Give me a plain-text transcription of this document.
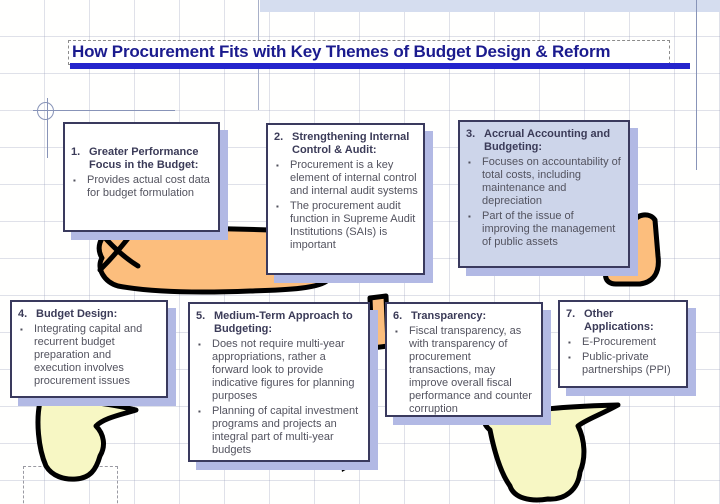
How Procurement Fits with Key Themes of Budget Design & Reform
1. Greater Performance Focus in the Budget:
▪	Provides actual cost data for budget formulation
2. Strengthening Internal Control & Audit:
▪	Procurement is a key element of internal control and internal audit systems
▪	The procurement audit function in Supreme Audit Institutions (SAIs) is important
3. Accrual Accounting and Budgeting:
▪	Focuses on accountability of total costs, including maintenance and depreciation
▪	Part of the issue of improving the management of public assets
4. Budget Design:
▪	Integrating capital and recurrent budget preparation and execution involves procurement issues
5. Medium-Term Approach to Budgeting:
▪	Does not require multi-year appropriations, rather a forward look to provide indicative figures for planning purposes
▪	Planning of capital investment programs and projects an integral part of multi-year budgets
6. Transparency:
▪	Fiscal transparency, as with transparency of procurement transactions, may improve overall fiscal performance and counter corruption
7. Other Applications:
▪	E-Procurement
▪	Public-private partnerships (PPI)
